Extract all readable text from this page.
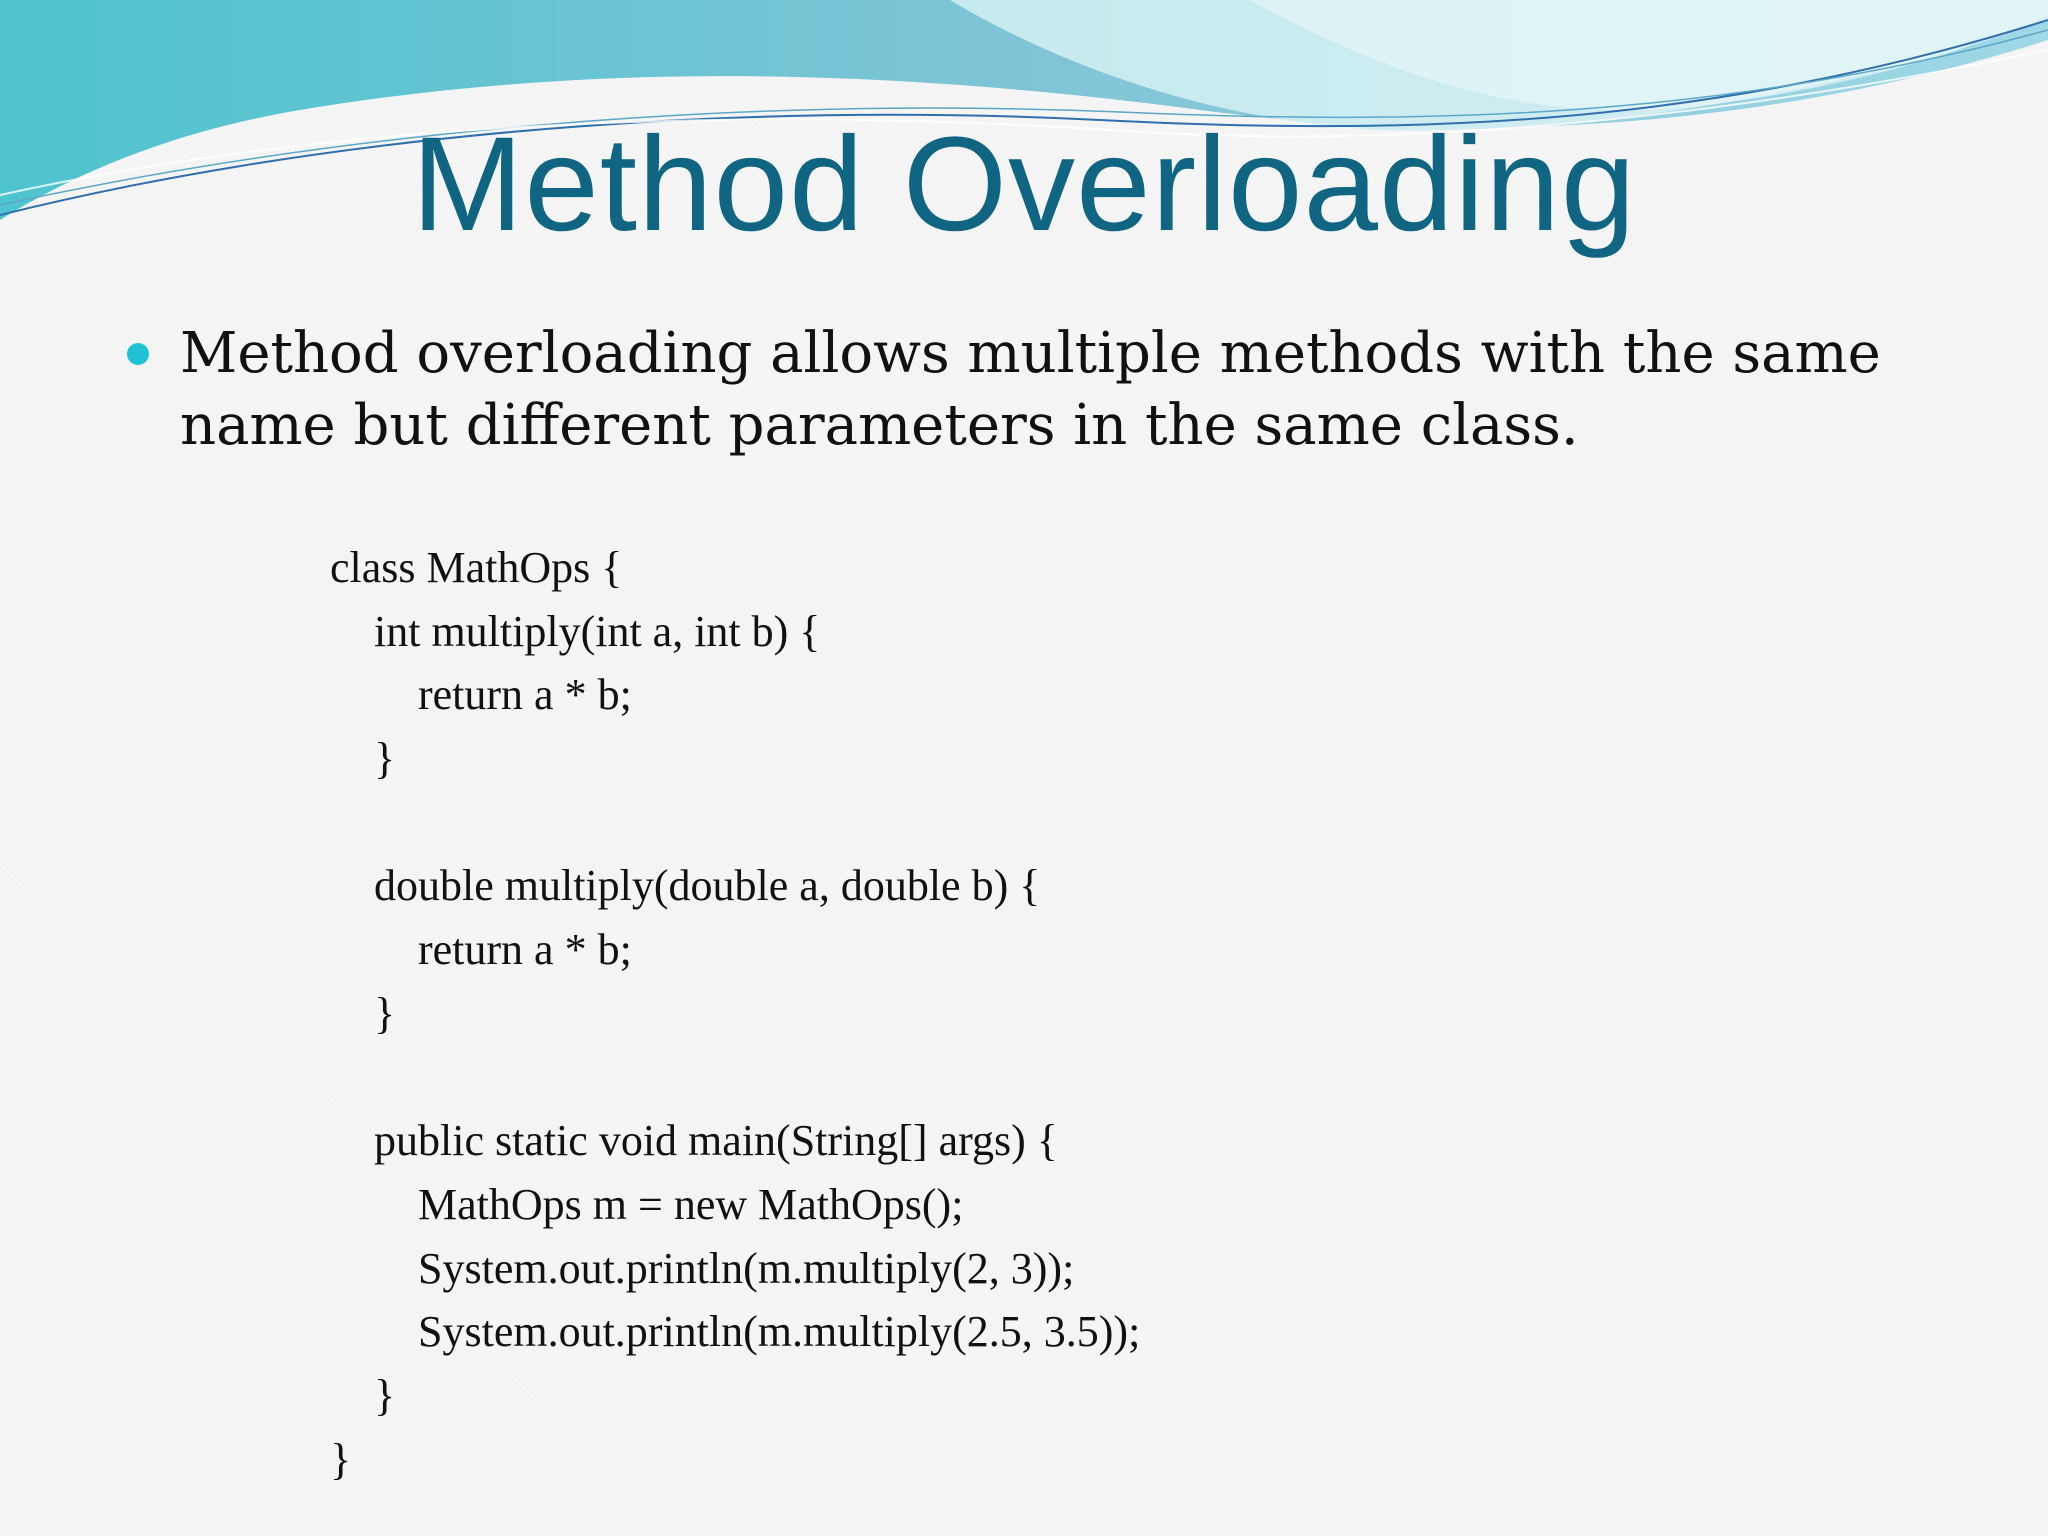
Method Overloading
Method overloading allows multiple methods with the same name but different parameters in the same class.
class MathOps {
int multiply(int a, int b) {
return a * b;
}
double multiply(double a, double b) {
return a * b;
}
public static void main(String[] args) {
MathOps m = new MathOps();
System.out.println(m.multiply(2, 3));
System.out.println(m.multiply(2.5, 3.5));
}
}
